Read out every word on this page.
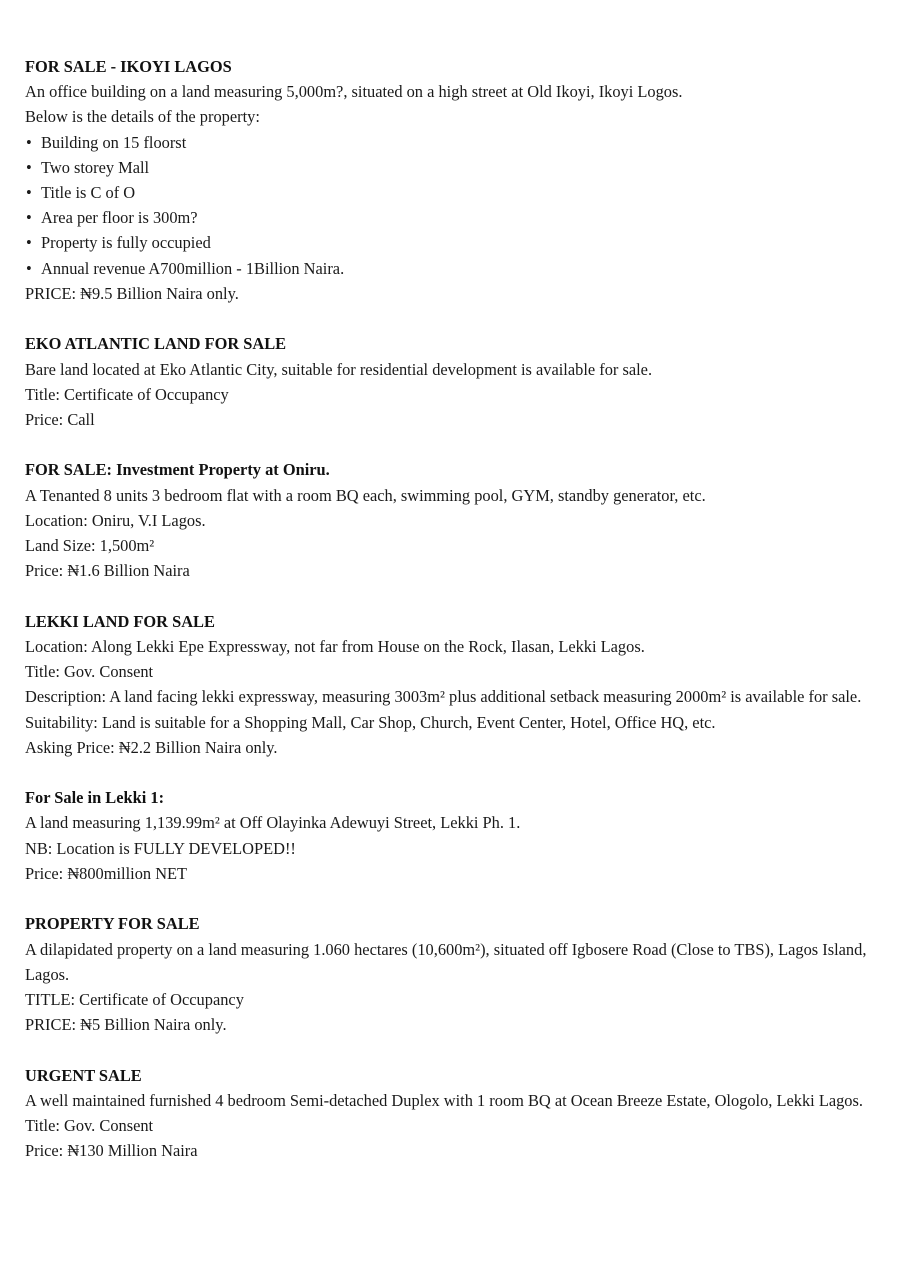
FOR SALE - IKOYI LAGOS

An office building on a land measuring 5,000m?, situated on a high street at Old Ikoyi, Ikoyi Logos.

Below is the details of the property:

• Building on 15 floorst
• Two storey Mall
• Title is C of O
• Area per floor is 300m?
• Property is fully occupied
• Annual revenue A700million - 1Billion Naira.

PRICE: ₦9.5 Billion Naira only.

EKO ATLANTIC LAND FOR SALE

Bare land located at Eko Atlantic City, suitable for residential development is available for sale.

Title: Certificate of Occupancy

Price: Call

FOR SALE: Investment Property at Oniru.

A Tenanted 8 units 3 bedroom flat with a room BQ each, swimming pool, GYM, standby generator, etc.

Location: Oniru, V.I Lagos.

Land Size: 1,500m²

Price: ₦1.6 Billion Naira

LEKKI LAND FOR SALE

Location: Along Lekki Epe Expressway, not far from House on the Rock, Ilasan, Lekki Lagos.

Title: Gov. Consent

Description: A land facing lekki expressway, measuring 3003m² plus additional setback measuring 2000m² is available for sale.

Suitability: Land is suitable for a Shopping Mall, Car Shop, Church, Event Center, Hotel, Office HQ, etc.

Asking Price: ₦2.2 Billion Naira only.

For Sale in Lekki 1:

A land measuring 1,139.99m² at Off Olayinka Adewuyi Street, Lekki Ph. 1.

NB: Location is FULLY DEVELOPED!!

Price: ₦800million NET

PROPERTY FOR SALE

A dilapidated property on a land measuring 1.060 hectares (10,600m²), situated off Igbosere Road (Close to TBS), Lagos Island, Lagos.

TITLE: Certificate of Occupancy

PRICE: ₦5 Billion Naira only.

URGENT SALE

A well maintained furnished 4 bedroom Semi-detached Duplex with 1 room BQ at Ocean Breeze Estate, Ologolo, Lekki Lagos.

Title: Gov. Consent

Price: ₦130 Million Naira
